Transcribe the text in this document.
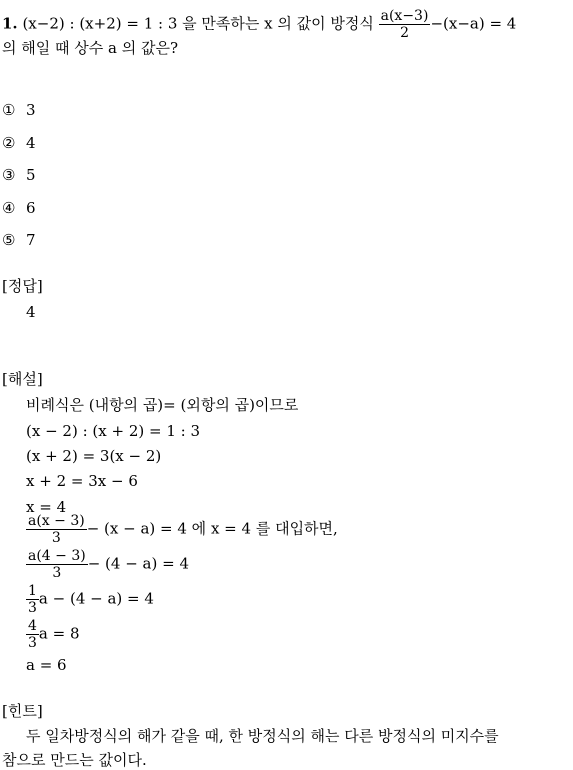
1. (x−2) : (x+2) = 1 : 3 을 만족하는 x 의 값이 방정식 $\frac{a(x-3)}{2} -(x-a) = 4$
의 해일 때 상수 a 의 값은?
① 3
② 4
③ 5
④ 6
⑤ 7
[정답]
4
[해설]
비례식은 (내항의 곱)= (외항의 곱)이므로
(x − 2) : (x + 2) = 1 : 3
(x + 2) = 3(x − 2)
x + 2 = 3x − 6
x = 4
$\frac{a(x - 3)}{3} - (x - a) = 4$ 에 x = 4 를 대입하면,
$\frac{a(4 - 3)}{3} - (4 - a) = 4$
$\frac{1}{3}$ a − (4 − a) = 4
$\frac{4}{3}$ a = 8
a = 6
[힌트]
두 일차방정식의 해가 같을 때, 한 방정식의 해는 다른 방정식의 미지수를
참으로 만드는 값이다.
